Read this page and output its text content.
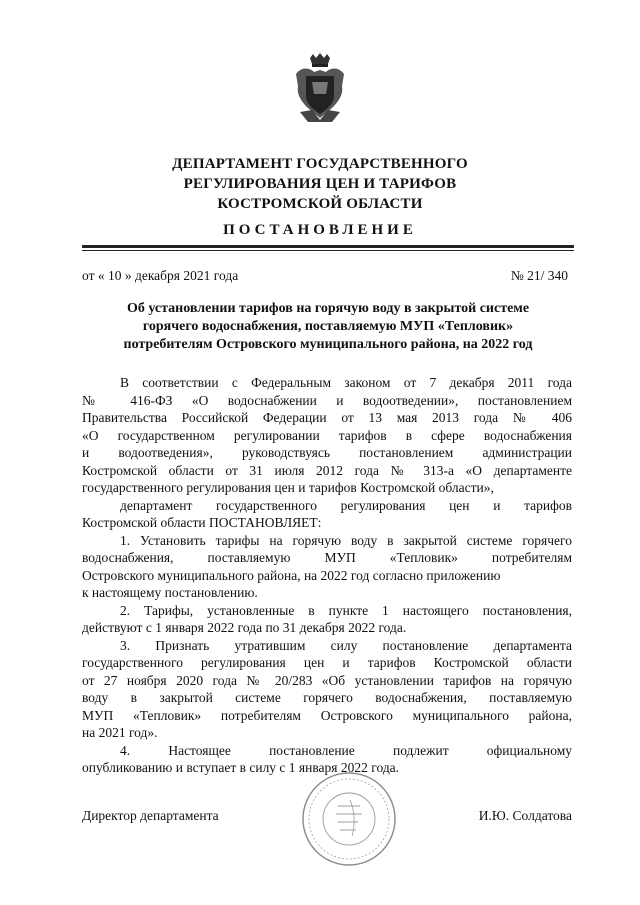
ДЕПАРТАМЕНТ ГОСУДАРСТВЕННОГО
РЕГУЛИРОВАНИЯ ЦЕН И ТАРИФОВ
КОСТРОМСКОЙ ОБЛАСТИ
ПОСТАНОВЛЕНИЕ
от « 10 » декабря 2021 года	№ 21/ 340
Об установлении тарифов на горячую воду в закрытой системе
горячего водоснабжения, поставляемую МУП «Тепловик»
потребителям Островского муниципального района, на 2022 год
В соответствии с Федеральным законом от 7 декабря 2011 года
№ 416-ФЗ «О водоснабжении и водоотведении», постановлением
Правительства Российской Федерации от 13 мая 2013 года № 406
«О государственном регулировании тарифов в сфере водоснабжения
и водоотведения», руководствуясь постановлением администрации
Костромской области от 31 июля 2012 года № 313-а «О департаменте
государственного регулирования цен и тарифов Костромской области»,
департамент государственного регулирования цен и тарифов
Костромской области ПОСТАНОВЛЯЕТ:
1. Установить тарифы на горячую воду в закрытой системе горячего
водоснабжения, поставляемую МУП «Тепловик» потребителям
Островского муниципального района, на 2022 год согласно приложению
к настоящему постановлению.
2. Тарифы, установленные в пункте 1 настоящего постановления,
действуют с 1 января 2022 года по 31 декабря 2022 года.
3. Признать утратившим силу постановление департамента
государственного регулирования цен и тарифов Костромской области
от 27 ноября 2020 года № 20/283 «Об установлении тарифов на горячую
воду в закрытой системе горячего водоснабжения, поставляемую
МУП «Тепловик» потребителям Островского муниципального района,
на 2021 год».
4. Настоящее постановление подлежит официальному
опубликованию и вступает в силу с 1 января 2022 года.
Директор департамента	И.Ю. Солдатова
